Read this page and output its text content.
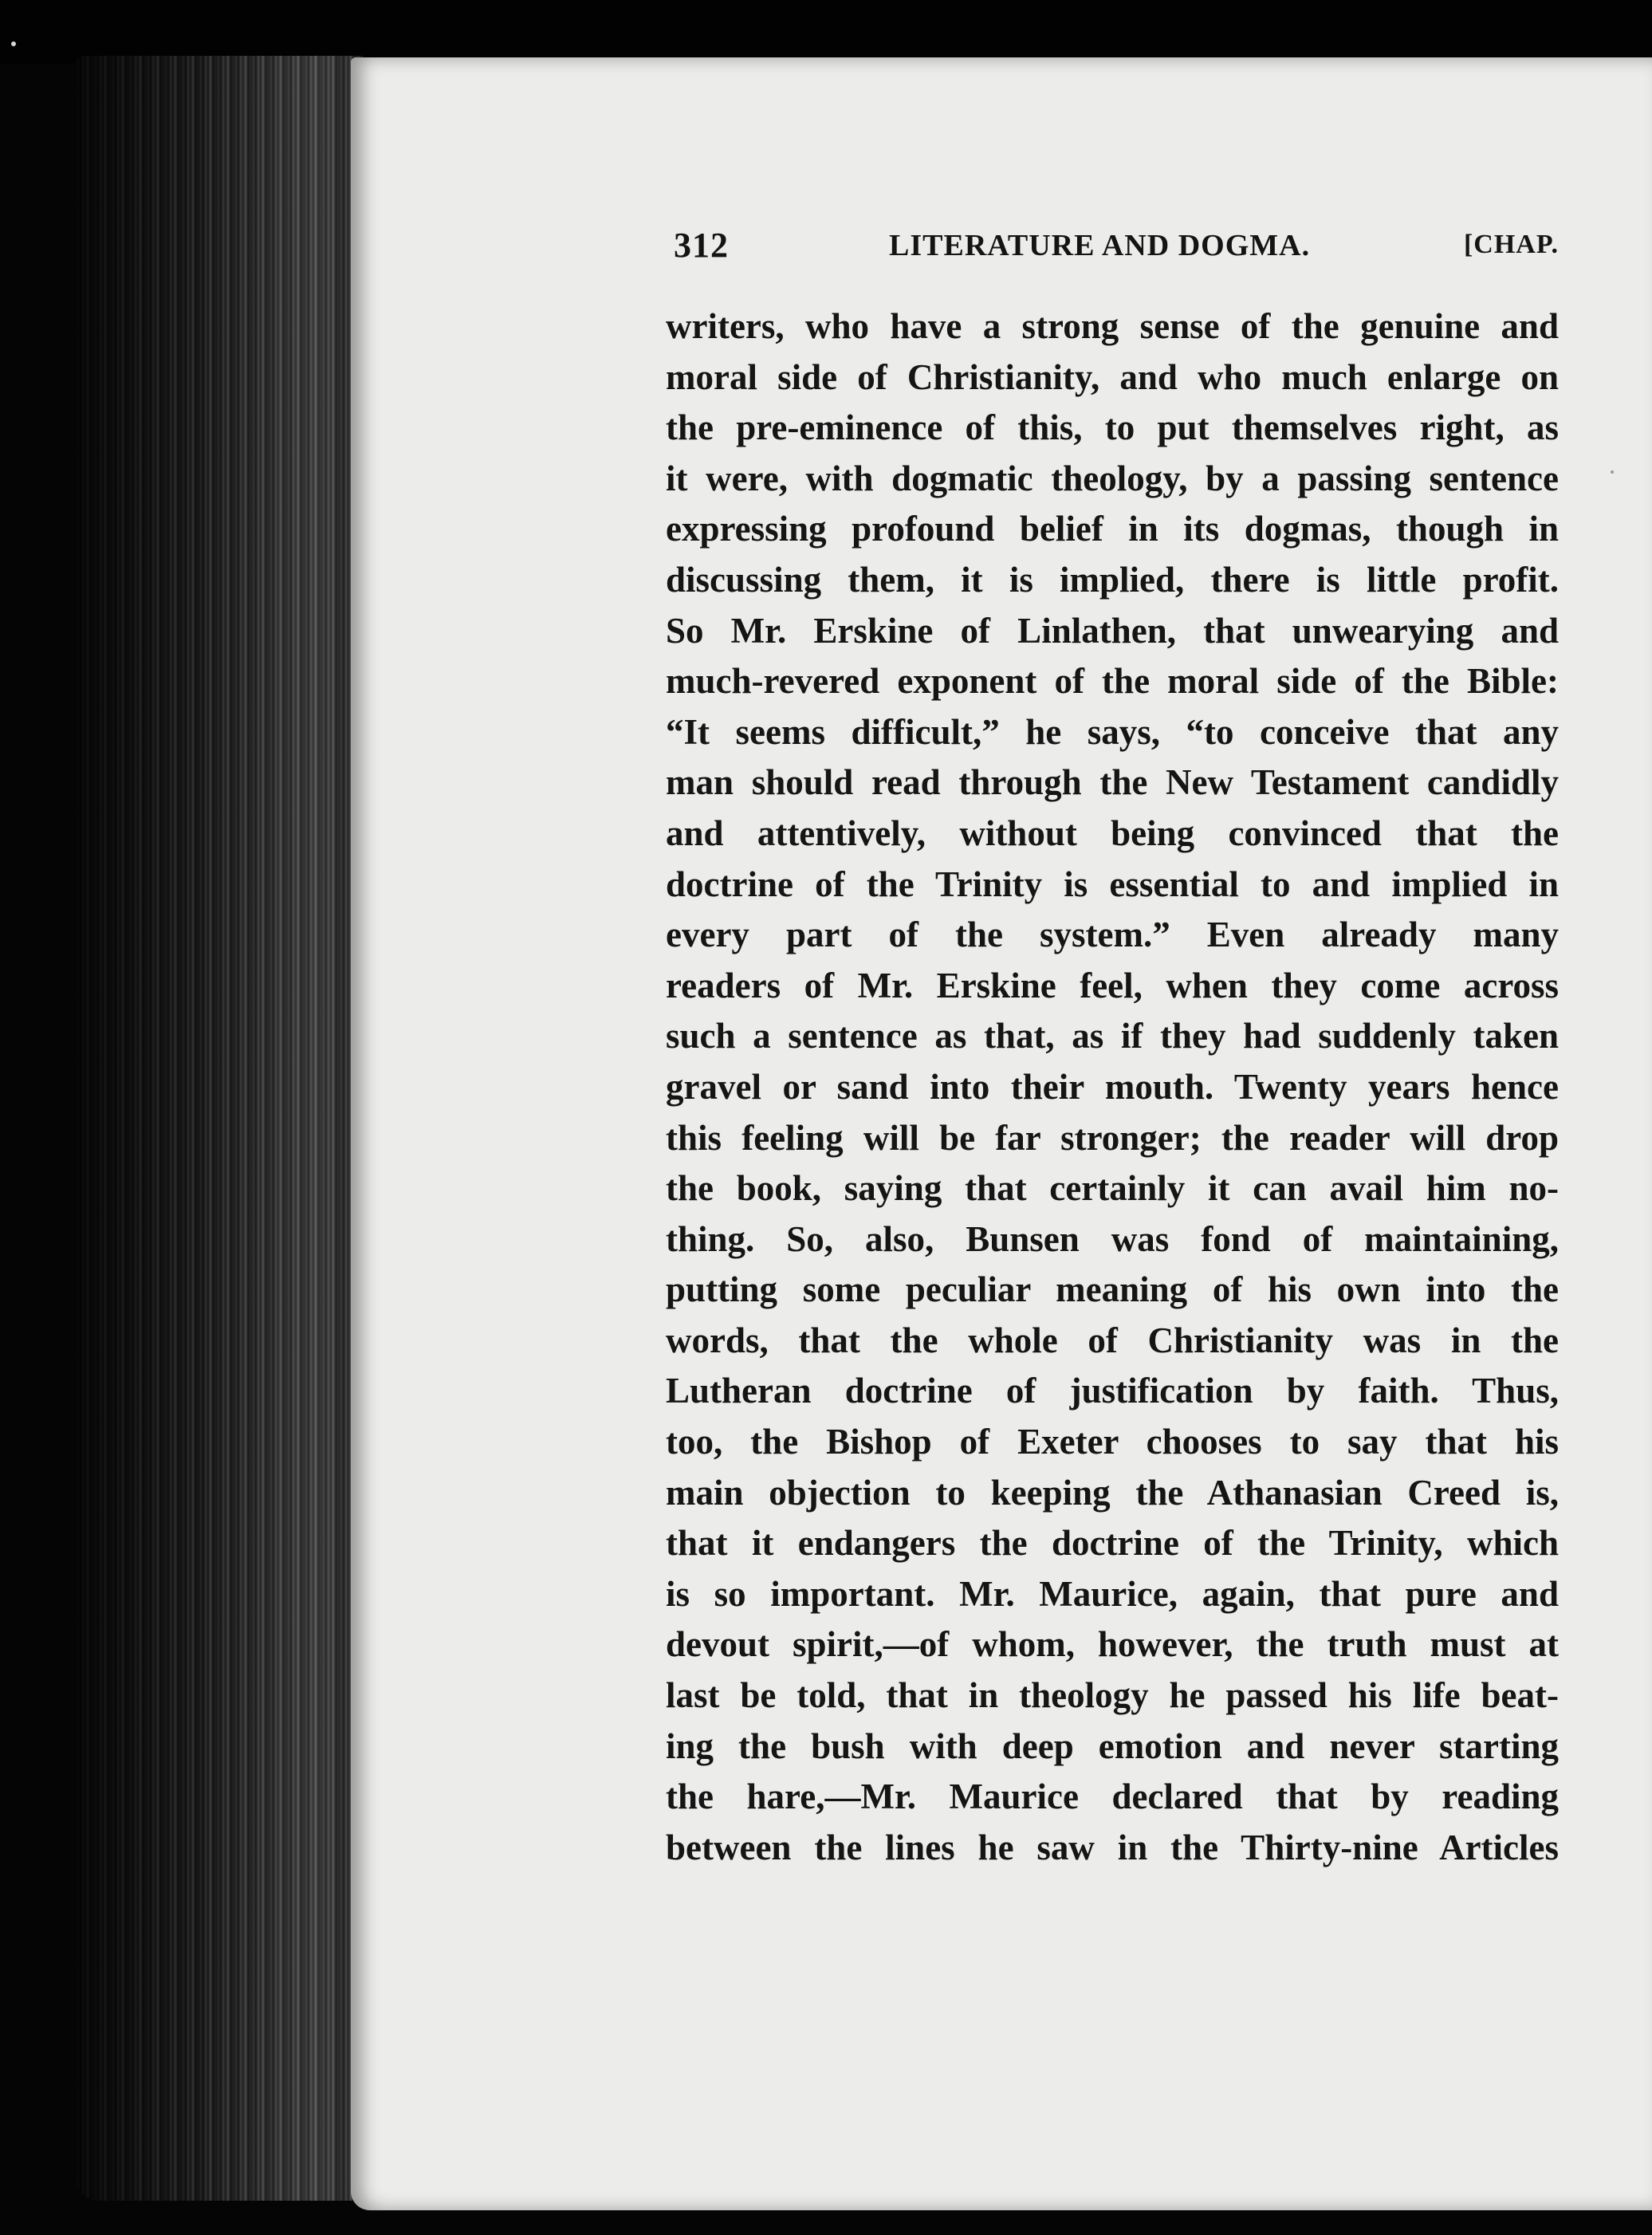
312	LITERATURE AND DOGMA.	[CHAP.
writers, who have a strong sense of the genuine and
moral side of Christianity, and who much enlarge on
the pre-eminence of this, to put themselves right, as
it were, with dogmatic theology, by a passing sentence
expressing profound belief in its dogmas, though in
discussing them, it is implied, there is little profit.
So Mr. Erskine of Linlathen, that unwearying and
much-revered exponent of the moral side of the Bible:
“It seems difficult,” he says, “to conceive that any
man should read through the New Testament candidly
and attentively, without being convinced that the
doctrine of the Trinity is essential to and implied in
every part of the system.” Even already many
readers of Mr. Erskine feel, when they come across
such a sentence as that, as if they had suddenly taken
gravel or sand into their mouth. Twenty years hence
this feeling will be far stronger; the reader will drop
the book, saying that certainly it can avail him no-
thing. So, also, Bunsen was fond of maintaining,
putting some peculiar meaning of his own into the
words, that the whole of Christianity was in the
Lutheran doctrine of justification by faith. Thus,
too, the Bishop of Exeter chooses to say that his
main objection to keeping the Athanasian Creed is,
that it endangers the doctrine of the Trinity, which
is so important. Mr. Maurice, again, that pure and
devout spirit,—of whom, however, the truth must at
last be told, that in theology he passed his life beat-
ing the bush with deep emotion and never starting
the hare,—Mr. Maurice declared that by reading
between the lines he saw in the Thirty-nine Articles
